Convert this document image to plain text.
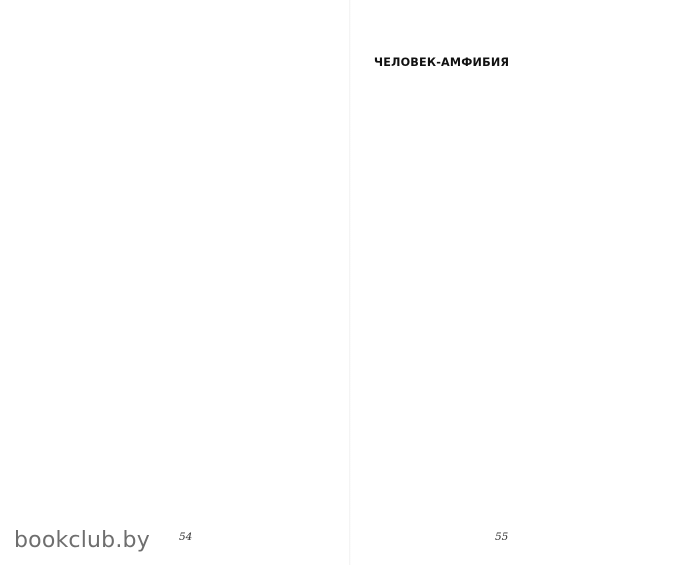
ЧЕЛОВЕК-АМФИБИЯ

54	55
bookclub.by
